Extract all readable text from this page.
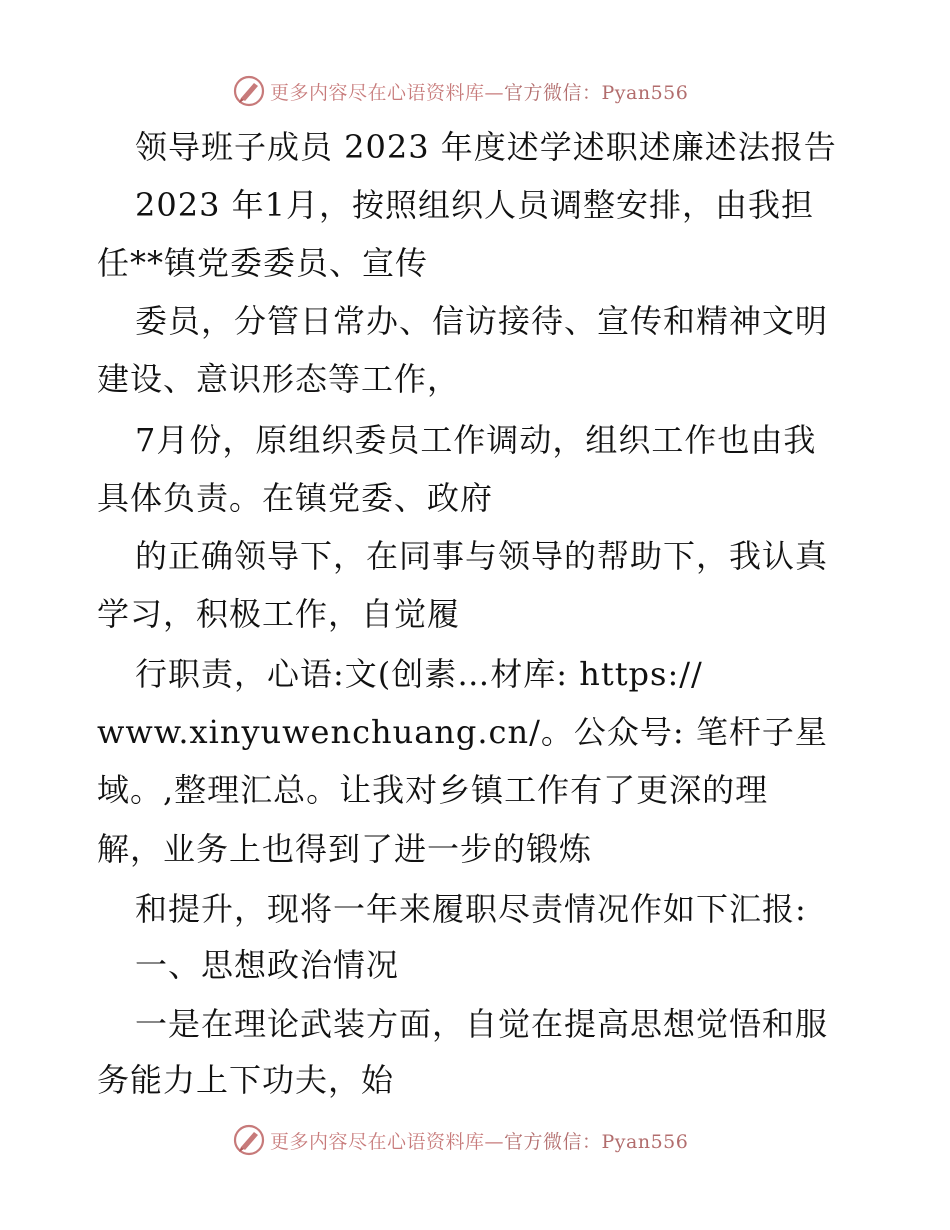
更多内容尽在心语资料库—官方微信：Pyan556
领导班子成员 2023 年度述学述职述廉述法报告
2023 年1月，按照组织人员调整安排，由我担
任**镇党委委员、宣传
委员，分管日常办、信访接待、宣传和精神文明
建设、意识形态等工作，
7月份，原组织委员工作调动，组织工作也由我
具体负责。在镇党委、政府
的正确领导下，在同事与领导的帮助下，我认真
学习，积极工作，自觉履
行职责，心语:文(创素…材库: https://
www.xinyuwenchuang.cn/。公众号: 笔杆子星
域。,整理汇总。让我对乡镇工作有了更深的理
解，业务上也得到了进一步的锻炼
和提升，现将一年来履职尽责情况作如下汇报:
一、思想政治情况
一是在理论武装方面，自觉在提高思想觉悟和服
务能力上下功夫，始
更多内容尽在心语资料库—官方微信：Pyan556
